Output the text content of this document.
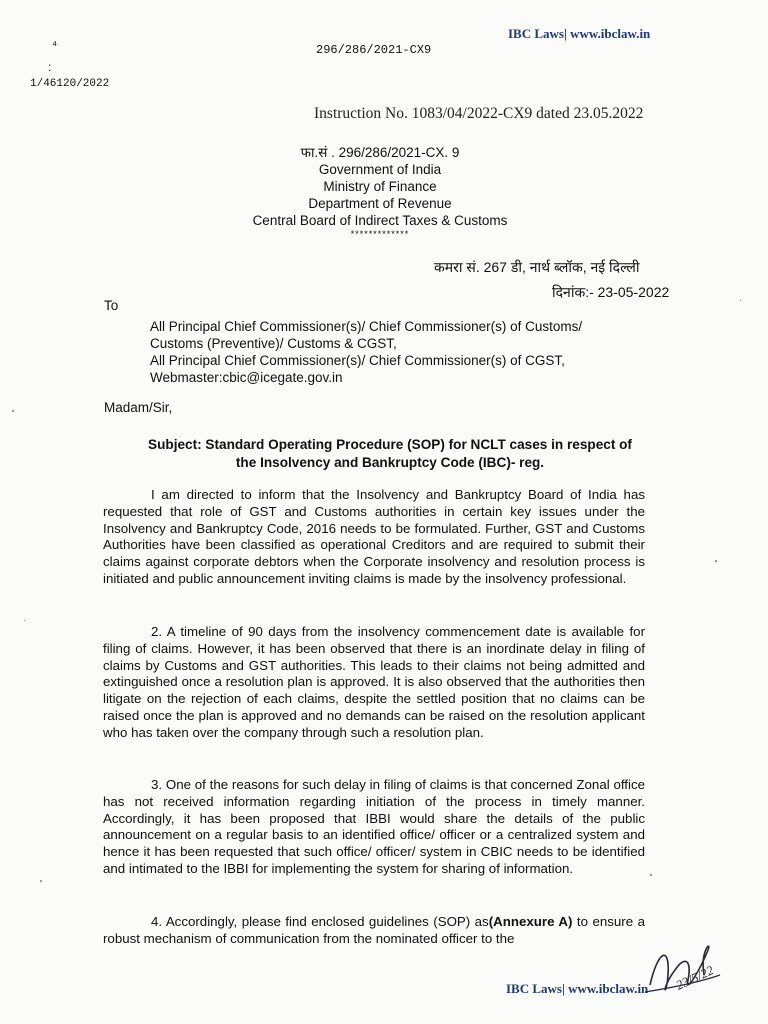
IBC Laws| www.ibclaw.in
296/286/2021-CX9
⁴
:
1/46120/2022
Instruction No. 1083/04/2022-CX9 dated 23.05.2022
फा.सं . 296/286/2021-CX. 9
Government of India
Ministry of Finance
Department of Revenue
Central Board of Indirect Taxes & Customs
*************
कमरा सं. 267 डी, नार्थ ब्लॉक, नई दिल्ली
दिनांक:- 23-05-2022
To
All Principal Chief Commissioner(s)/ Chief Commissioner(s) of Customs/
Customs (Preventive)/ Customs & CGST,
All Principal Chief Commissioner(s)/ Chief Commissioner(s) of CGST,
Webmaster:cbic@icegate.gov.in
Madam/Sir,
Subject: Standard Operating Procedure (SOP) for NCLT cases in respect of
the Insolvency and Bankruptcy Code (IBC)- reg.
I am directed to inform that the Insolvency and Bankruptcy Board of India has requested that role of GST and Customs authorities in certain key issues under the Insolvency and Bankruptcy Code, 2016 needs to be formulated. Further, GST and Customs Authorities have been classified as operational Creditors and are required to submit their claims against corporate debtors when the Corporate insolvency and resolution process is initiated and public announcement inviting claims is made by the insolvency professional.
2. A timeline of 90 days from the insolvency commencement date is available for filing of claims. However, it has been observed that there is an inordinate delay in filing of claims by Customs and GST authorities. This leads to their claims not being admitted and extinguished once a resolution plan is approved. It is also observed that the authorities then litigate on the rejection of each claims, despite the settled position that no claims can be raised once the plan is approved and no demands can be raised on the resolution applicant who has taken over the company through such a resolution plan.
3. One of the reasons for such delay in filing of claims is that concerned Zonal office has not received information regarding initiation of the process in timely manner. Accordingly, it has been proposed that IBBI would share the details of the public announcement on a regular basis to an identified office/ officer or a centralized system and hence it has been requested that such office/ officer/ system in CBIC needs to be identified and intimated to the IBBI for implementing the system for sharing of information.
4. Accordingly, please find enclosed guidelines (SOP) as(Annexure A) to ensure a robust mechanism of communication from the nominated officer to the
23/5/22
IBC Laws| www.ibclaw.in
